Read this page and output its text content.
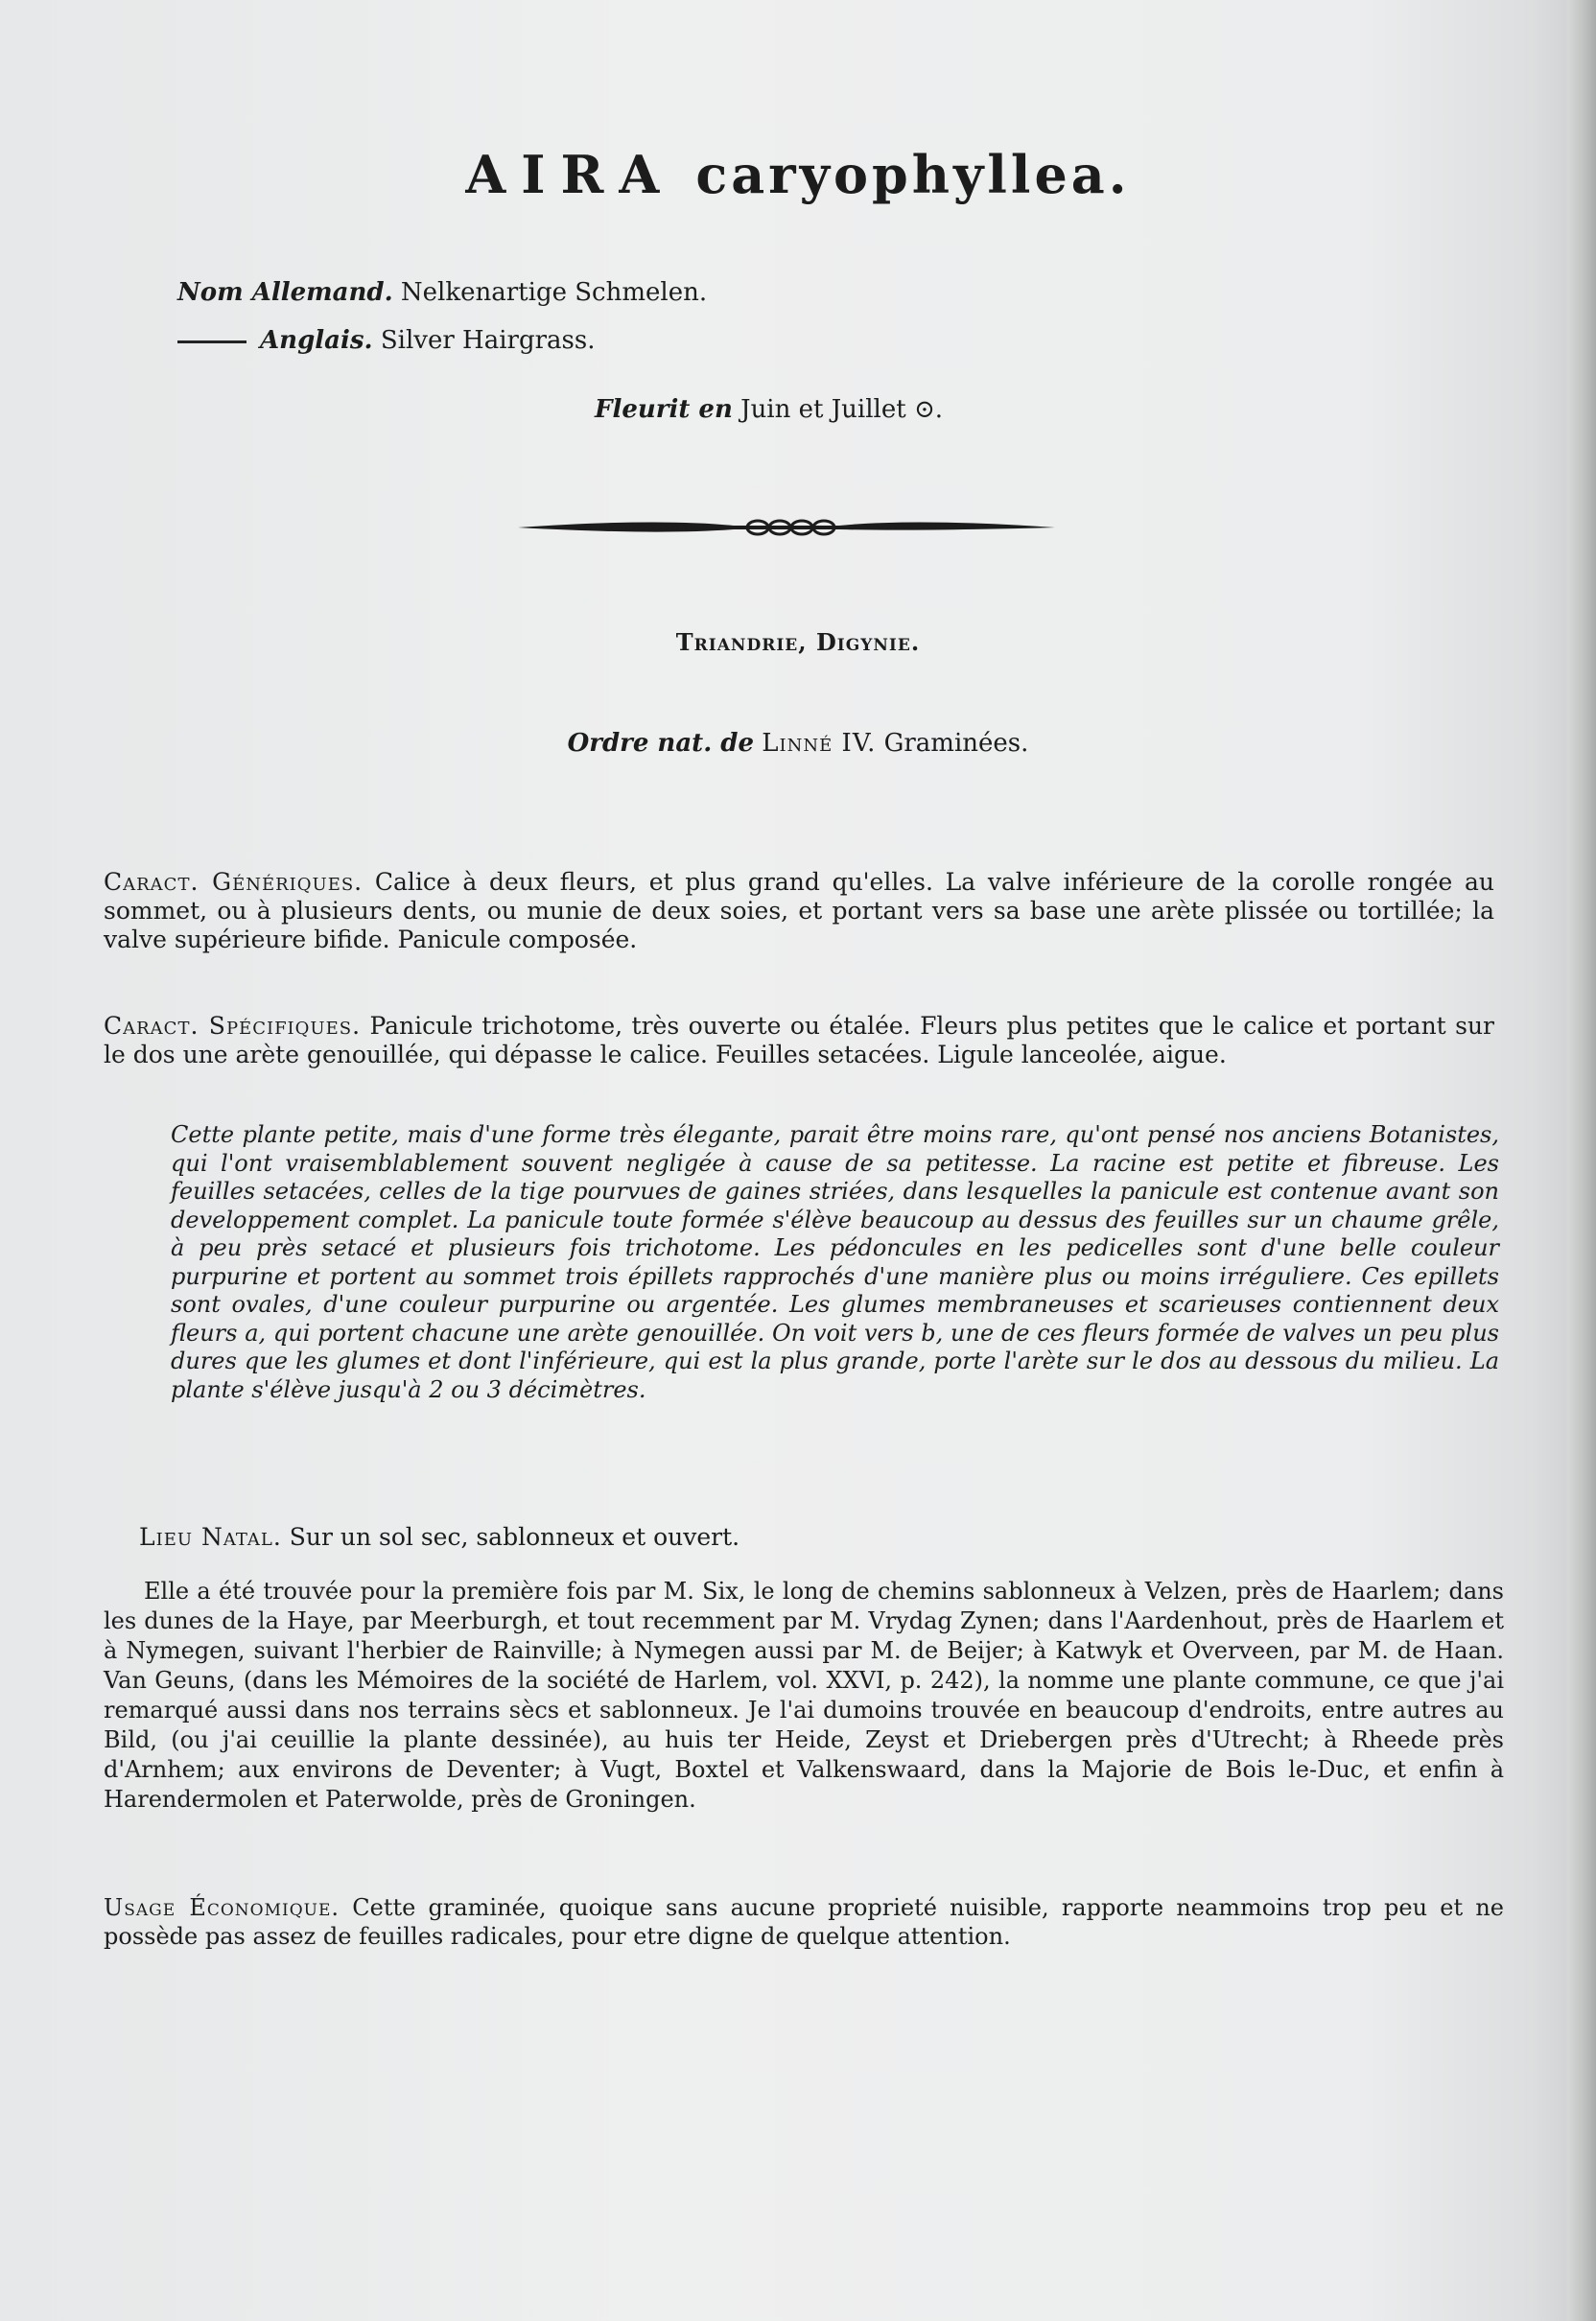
AIRA caryophyllea.
Nom Allemand. Nelkenartige Schmelen.
Anglais. Silver Hairgrass.
Fleurit en Juin et Juillet ⊙.
Triandrie, Digynie.
Ordre nat. de Linné IV. Graminées.

Caract. Génériques. Calice à deux fleurs, et plus grand qu'elles. La valve inférieure de la corolle rongée au sommet, ou à plusieurs dents, ou munie de deux soies, et portant vers sa base une arète plissée ou tortillée; la valve supérieure bifide. Panicule composée.

Caract. Spécifiques. Panicule trichotome, très ouverte ou étalée. Fleurs plus petites que le calice et portant sur le dos une arète genouillée, qui dépasse le calice. Feuilles setacées. Ligule lanceolée, aigue.

Cette plante petite, mais d'une forme très élegante, parait être moins rare, qu'ont pensé nos anciens Botanistes, qui l'ont vraisemblablement souvent negligée à cause de sa petitesse. La racine est petite et fibreuse. Les feuilles setacées, celles de la tige pourvues de gaines striées, dans lesquelles la panicule est contenue avant son developpement complet. La panicule toute formée s'élève beaucoup au dessus des feuilles sur un chaume grêle, à peu près setacé et plusieurs fois trichotome. Les pédoncules en les pedicelles sont d'une belle couleur purpurine et portent au sommet trois épillets rapprochés d'une manière plus ou moins irréguliere. Ces epillets sont ovales, d'une couleur purpurine ou argentée. Les glumes membraneuses et scarieuses contiennent deux fleurs a, qui portent chacune une arète genouillée. On voit vers b, une de ces fleurs formée de valves un peu plus dures que les glumes et dont l'inférieure, qui est la plus grande, porte l'arète sur le dos au dessous du milieu. La plante s'élève jusqu'à 2 ou 3 décimètres.

Lieu Natal. Sur un sol sec, sablonneux et ouvert.

Elle a été trouvée pour la première fois par M. Six, le long de chemins sablonneux à Velzen, près de Haarlem; dans les dunes de la Haye, par Meerburgh, et tout recemment par M. Vrydag Zynen; dans l'Aardenhout, près de Haarlem et à Nymegen, suivant l'herbier de Rainville; à Nymegen aussi par M. de Beijer; à Katwyk et Overveen, par M. de Haan. Van Geuns, (dans les Mémoires de la société de Harlem, vol. XXVI, p. 242), la nomme une plante commune, ce que j'ai remarqué aussi dans nos terrains sècs et sablonneux. Je l'ai dumoins trouvée en beaucoup d'endroits, entre autres au Bild, (ou j'ai ceuillie la plante dessinée), au huis ter Heide, Zeyst et Driebergen près d'Utrecht; à Rheede près d'Arnhem; aux environs de Deventer; à Vugt, Boxtel et Valkenswaard, dans la Majorie de Bois le-Duc, et enfin à Harendermolen et Paterwolde, près de Groningen.

Usage Économique. Cette graminée, quoique sans aucune proprieté nuisible, rapporte neammoins trop peu et ne possède pas assez de feuilles radicales, pour etre digne de quelque attention.
